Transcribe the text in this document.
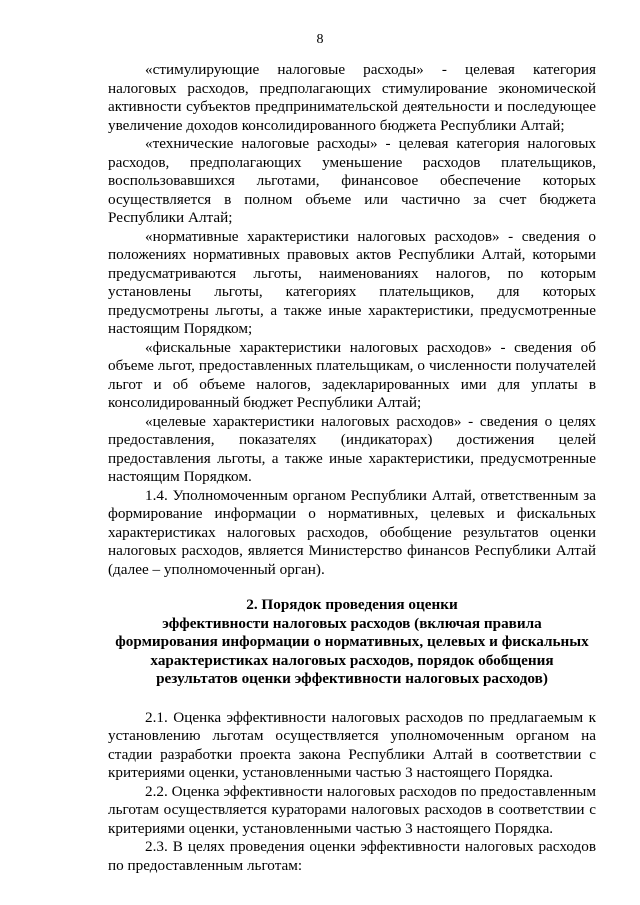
8

«стимулирующие налоговые расходы» - целевая категория налоговых расходов, предполагающих стимулирование экономической активности субъектов предпринимательской деятельности и последующее увеличение доходов консолидированного бюджета Республики Алтай;

«технические налоговые расходы» - целевая категория налоговых расходов, предполагающих уменьшение расходов плательщиков, воспользовавшихся льготами, финансовое обеспечение которых осуществляется в полном объеме или частично за счет бюджета Республики Алтай;

«нормативные характеристики налоговых расходов» - сведения о положениях нормативных правовых актов Республики Алтай, которыми предусматриваются льготы, наименованиях налогов, по которым установлены льготы, категориях плательщиков, для которых предусмотрены льготы, а также иные характеристики, предусмотренные настоящим Порядком;

«фискальные характеристики налоговых расходов» - сведения об объеме льгот, предоставленных плательщикам, о численности получателей льгот и об объеме налогов, задекларированных ими для уплаты в консолидированный бюджет Республики Алтай;

«целевые характеристики налоговых расходов» - сведения о целях предоставления, показателях (индикаторах) достижения целей предоставления льготы, а также иные характеристики, предусмотренные настоящим Порядком.

1.4. Уполномоченным органом Республики Алтай, ответственным за формирование информации о нормативных, целевых и фискальных характеристиках налоговых расходов, обобщение результатов оценки налоговых расходов, является Министерство финансов Республики Алтай (далее – уполномоченный орган).

2. Порядок проведения оценки

эффективности налоговых расходов (включая правила

формирования информации о нормативных, целевых и фискальных

характеристиках налоговых расходов, порядок обобщения

результатов оценки эффективности налоговых расходов)

2.1. Оценка эффективности налоговых расходов по предлагаемым к установлению льготам осуществляется уполномоченным органом на стадии разработки проекта закона Республики Алтай в соответствии с критериями оценки, установленными частью 3 настоящего Порядка.

2.2. Оценка эффективности налоговых расходов по предоставленным льготам осуществляется кураторами налоговых расходов в соответствии с критериями оценки, установленными частью 3 настоящего Порядка.

2.3. В целях проведения оценки эффективности налоговых расходов по предоставленным льготам:
